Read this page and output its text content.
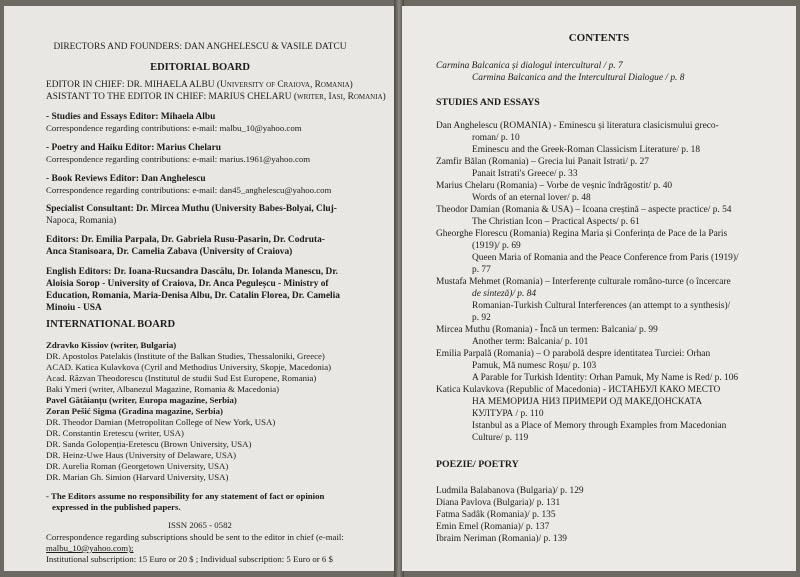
DIRECTORS AND FOUNDERS: DAN ANGHELESCU & VASILE DATCU
EDITORIAL BOARD
EDITOR IN CHIEF: DR. MIHAELA ALBU (University of Craiova, Romania)
ASISTANT TO THE EDITOR IN CHIEF: MARIUS CHELARU (writer, Iasi, Romania)
- Studies and Essays Editor: Mihaela Albu
Correspondence regarding contributions: e-mail: malbu_10@yahoo.com
- Poetry and Haiku Editor: Marius Chelaru
Correspondence regarding contributions: e-mail: marius.1961@yahoo.com
- Book Reviews Editor: Dan Anghelescu
Correspondence regarding contributions: e-mail: dan45_anghelescu@yahoo.com
Specialist Consultant: Dr. Mircea Muthu (University Babes-Bolyai, Cluj-
Napoca, Romania)
Editors: Dr. Emilia Parpala, Dr. Gabriela Rusu-Pasarin, Dr. Codruta-
Anca Stanisoara, Dr. Camelia Zabava (University of Craiova)
English Editors: Dr. Ioana-Rucsandra Dascălu, Dr. Iolanda Manescu, Dr.
Aloisia Sorop - University of Craiova, Dr. Anca Peguleșcu - Ministry of
Education, Romania, Maria-Denisa Albu, Dr. Catalin Florea, Dr. Camelia
Minoiu - USA
INTERNATIONAL BOARD
Zdravko Kissiov (writer, Bulgaria)
DR. Apostolos Patelakis (Institute of the Balkan Studies, Thessaloniki, Greece)
ACAD. Katica Kulavkova (Cyril and Methodius University, Skopje, Macedonia)
Acad. Răzvan Theodorescu (Institutul de studii Sud Est Europene, Romania)
Baki Ymeri (writer, Albanezul Magazine, Romania & Macedonia)
Pavel Gătăianțu (writer, Europa magazine, Serbia)
Zoran Pešić Sigma (Gradina magazine, Serbia)
DR. Theodor Damian (Metropolitan College of New York, USA)
DR. Constantin Eretescu (writer, USA)
DR. Sanda Golopenția-Eretescu (Brown University, USA)
DR. Heinz-Uwe Haus (University of Delaware, USA)
DR. Aurelia Roman (Georgetown University, USA)
DR. Marian Gh. Simion (Harvard University, USA)
- The Editors assume no responsibility for any statement of fact or opinion
expressed in the published papers.
ISSN 2065 - 0582
Correspondence regarding subscriptions should be sent to the editor in chief (e-mail:
malbu_10@yahoo.com);
Institutional subscription: 15 Euro or 20 $ ; Individual subscription: 5 Euro or 6 $
CONTENTS
Carmina Balcanica și dialogul intercultural / p. 7
Carmina Balcanica and the Intercultural Dialogue / p. 8
STUDIES AND ESSAYS
Dan Anghelescu (ROMANIA) - Eminescu și literatura clasicismului greco-
roman/ p. 10
Eminescu and the Greek-Roman Classicism Literature/ p. 18
Zamfir Bălan (Romania) – Grecia lui Panait Istrati/ p. 27
Panait Istrati's Greece/ p. 33
Marius Chelaru (Romania) – Vorbe de veșnic îndrăgostit/ p. 40
Words of an eternal lover/ p. 48
Theodor Damian (Romania & USA) – Icoana creștină – aspecte practice/ p. 54
The Christian Icon – Practical Aspects/ p. 61
Gheorghe Florescu (Romania) Regina Maria și Conferința de Pace de la Paris
(1919)/ p. 69
Queen Maria of Romania and the Peace Conference from Paris (1919)/
p. 77
Mustafa Mehmet (Romania) – Interferențe culturale româno-turce (o încercare
de sinteză)/ p. 84
Romanian-Turkish Cultural Interferences (an attempt to a synthesis)/
p. 92
Mircea Muthu (Romania) - Încă un termen: Balcania/ p. 99
Another term: Balcania/ p. 101
Emilia Parpală (Romania) – O parabolă despre identitatea Turciei: Orhan
Pamuk, Mă numesc Roșu/ p. 103
A Parable for Turkish Identity: Orhan Pamuk, My Name is Red/ p. 106
Katica Kulavkova (Republic of Macedonia) - ИСТАНБУЛ КАКО МЕСТО
НА МЕМОРИЈА НИЗ ПРИМЕРИ ОД МАКЕДОНСКАТА
КУЛТУРА / p. 110
Istanbul as a Place of Memory through Examples from Macedonian
Culture/ p. 119
POEZIE/ POETRY
Ludmila Balabanova (Bulgaria)/ p. 129
Diana Pavlova (Bulgaria)/ p. 131
Fatma Sadâk (Romania)/ p. 135
Emin Emel (Romania)/ p. 137
Ibraim Neriman (Romania)/ p. 139
